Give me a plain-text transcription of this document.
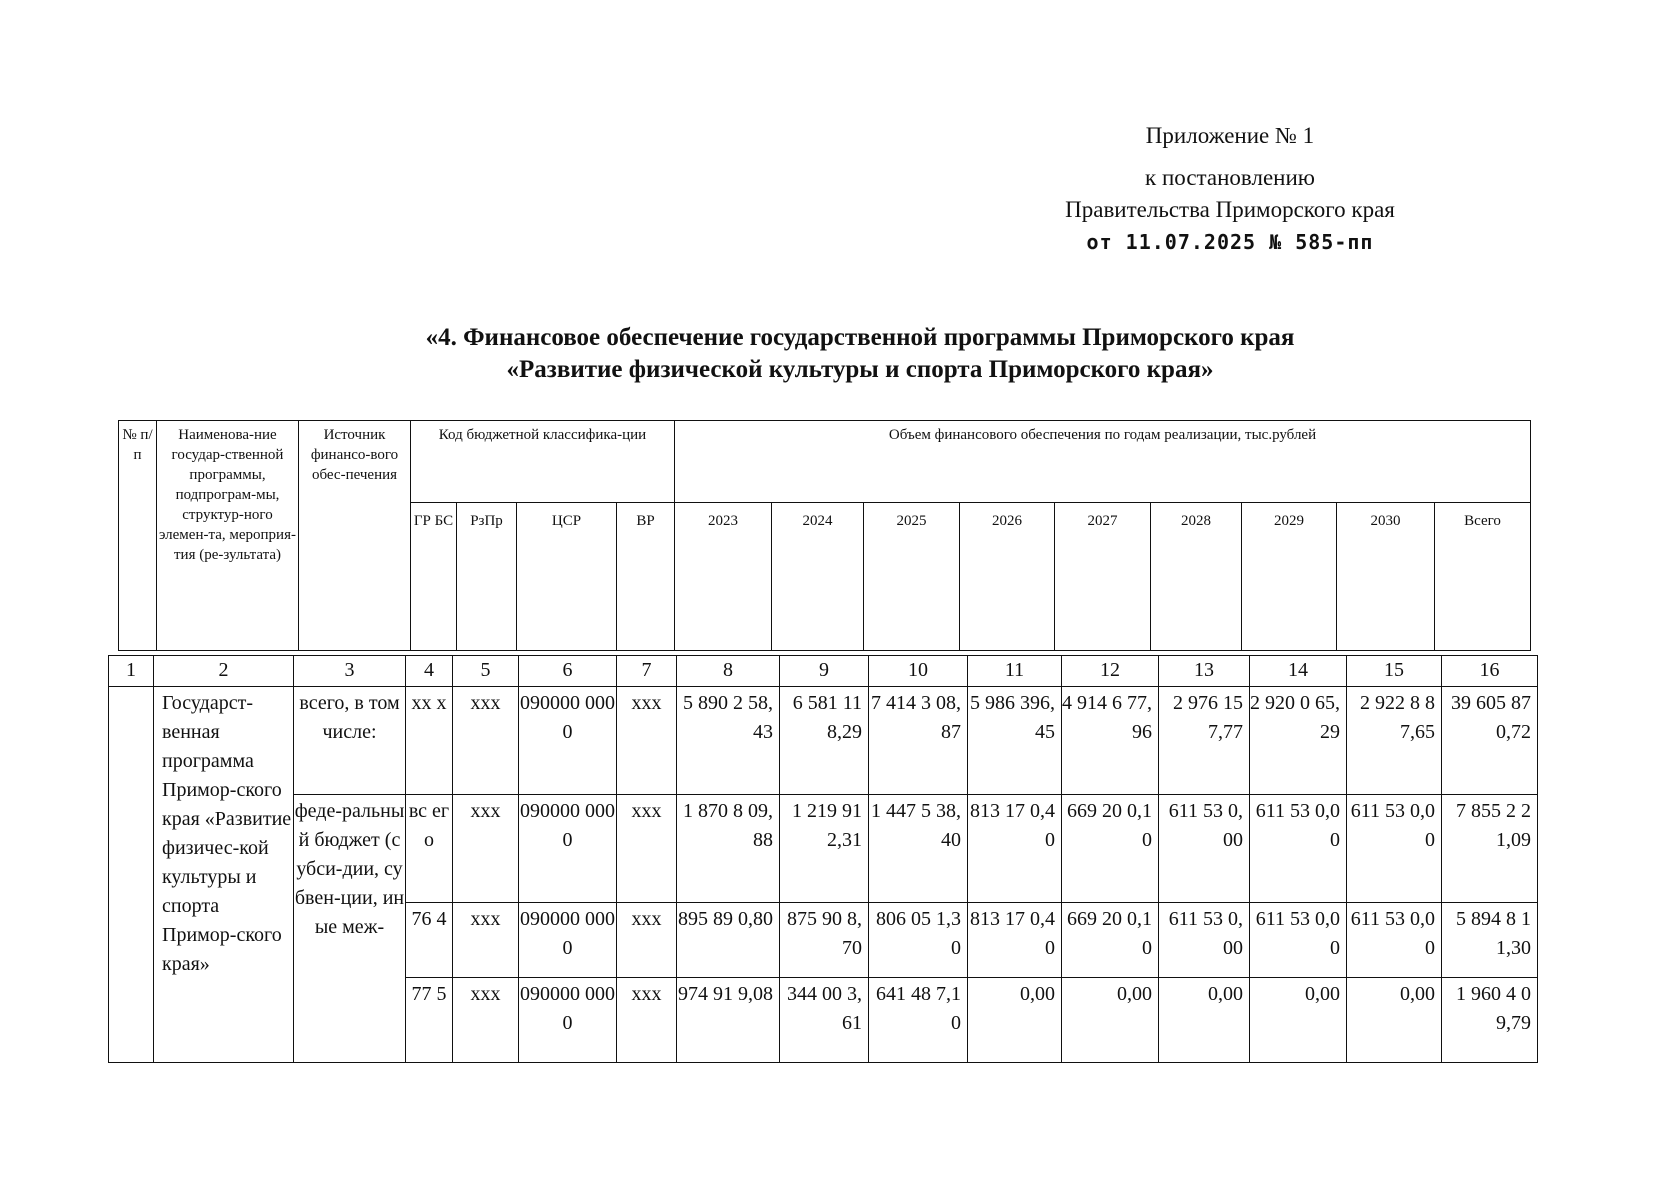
Приложение № 1
к постановлению
Правительства Приморского края
от 11.07.2025 № 585-пп
«4. Финансовое обеспечение государственной программы Приморского края
«Развитие физической культуры и спорта Приморского края»
№ п/п	Наименова-ние государ-ственной программы, подпрограм-мы, структур-ного элемен-та, мероприя-тия (ре-зультата)	Источник финансо-вого обес-печения	Код бюджетной классифика-ции				Объем финансового обеспечения по годам реализации, тыс.рублей								
			ГР БС	РзПр	ЦСР	ВР	2023	2024	2025	2026	2027	2028	2029	2030	Всего
1	2	3	4	5	6	7	8	9	10	11	12	13	14	15	16
	Государст-венная программа Примор-ского края «Развитие физичес-кой культуры и спорта Примор-ского края»	всего, в том числе:	xx x	xxx	090000 0000	xxx	5 890 2 58,43	6 581 118,29	7 414 3 08,87	5 986 396,45	4 914 6 77,96	2 976 157,77	2 920 0 65,29	2 922 8 87,65	39 605 870,72
		феде-ральный бюджет (субси-дии, субвен-ции, иные меж-	вс ег о	xxx	090000 0000	xxx	1 870 8 09,88	1 219 912,31	1 447 5 38,40	813 17 0,40	669 20 0,10	611 53 0,00	611 53 0,00	611 53 0,00	7 855 2 21,09
			76 4	xxx	090000 0000	xxx	895 89 0,80	875 90 8,70	806 05 1,30	813 17 0,40	669 20 0,10	611 53 0,00	611 53 0,00	611 53 0,00	5 894 8 11,30
			77 5	xxx	090000 0000	xxx	974 91 9,08	344 00 3,61	641 48 7,10	0,00	0,00	0,00	0,00	0,00	1 960 4 09,79
